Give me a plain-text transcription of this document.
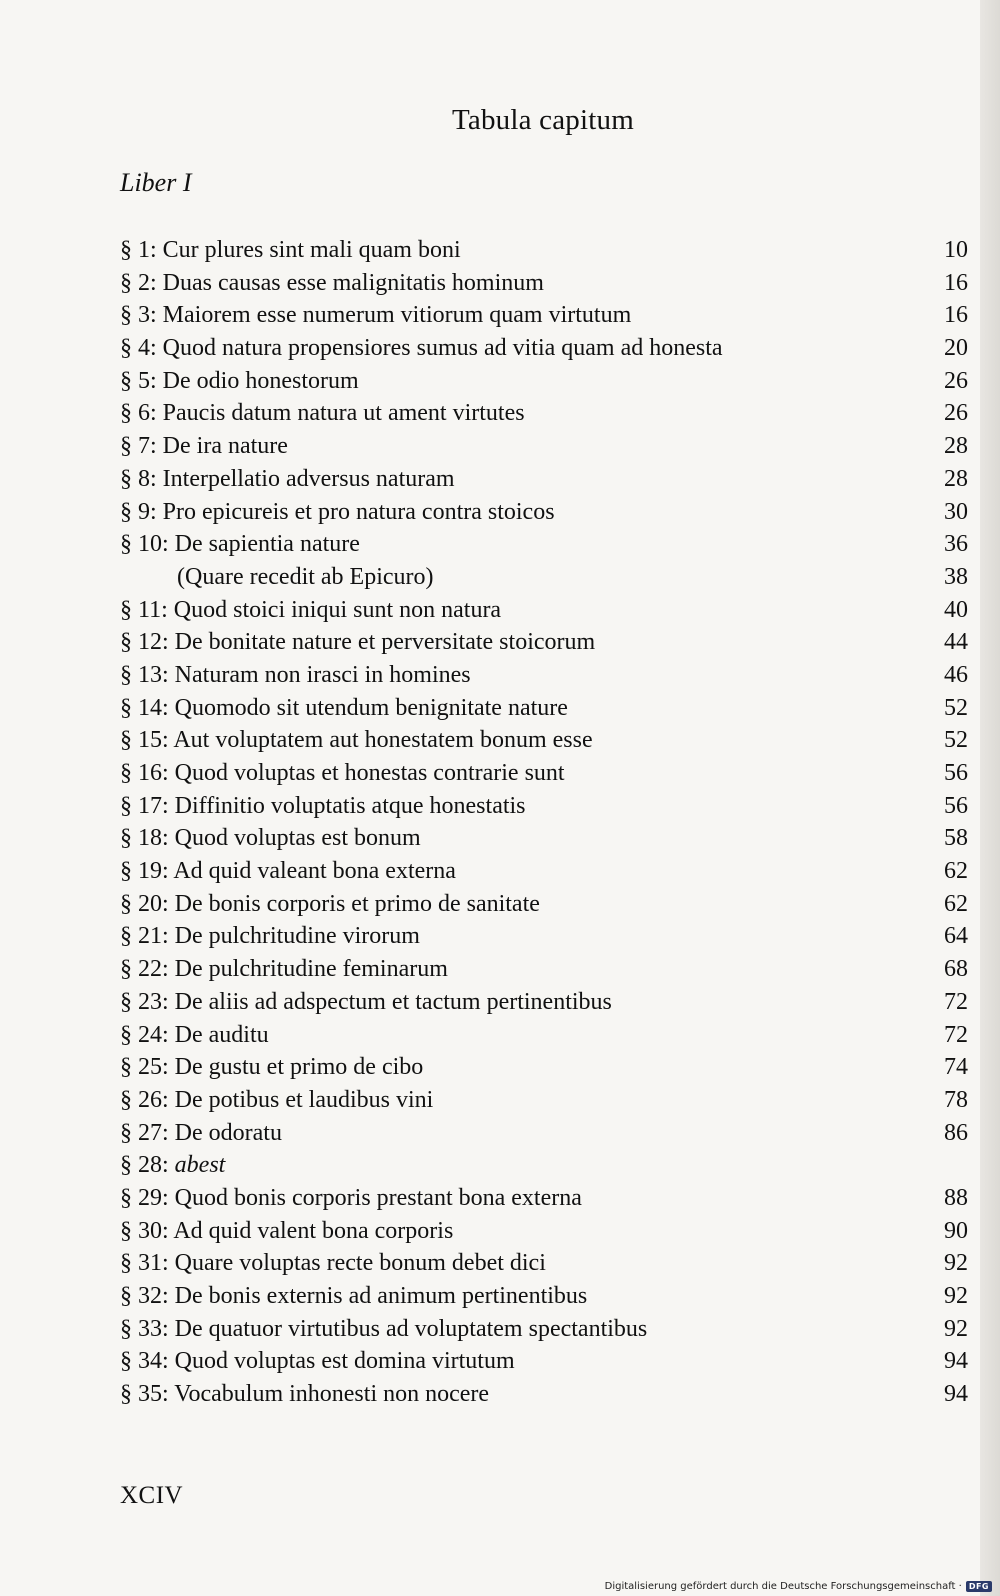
Tabula capitum
Liber I
§ 1: Cur plures sint mali quam boni	10
§ 2: Duas causas esse malignitatis hominum	16
§ 3: Maiorem esse numerum vitiorum quam virtutum	16
§ 4: Quod natura propensiores sumus ad vitia quam ad honesta	20
§ 5: De odio honestorum	26
§ 6: Paucis datum natura ut ament virtutes	26
§ 7: De ira nature	28
§ 8: Interpellatio adversus naturam	28
§ 9: Pro epicureis et pro natura contra stoicos	30
§ 10: De sapientia nature	36
(Quare recedit ab Epicuro)	38
§ 11: Quod stoici iniqui sunt non natura	40
§ 12: De bonitate nature et perversitate stoicorum	44
§ 13: Naturam non irasci in homines	46
§ 14: Quomodo sit utendum benignitate nature	52
§ 15: Aut voluptatem aut honestatem bonum esse	52
§ 16: Quod voluptas et honestas contrarie sunt	56
§ 17: Diffinitio voluptatis atque honestatis	56
§ 18: Quod voluptas est bonum	58
§ 19: Ad quid valeant bona externa	62
§ 20: De bonis corporis et primo de sanitate	62
§ 21: De pulchritudine virorum	64
§ 22: De pulchritudine feminarum	68
§ 23: De aliis ad adspectum et tactum pertinentibus	72
§ 24: De auditu	72
§ 25: De gustu et primo de cibo	74
§ 26: De potibus et laudibus vini	78
§ 27: De odoratu	86
§ 28: abest
§ 29: Quod bonis corporis prestant bona externa	88
§ 30: Ad quid valent bona corporis	90
§ 31: Quare voluptas recte bonum debet dici	92
§ 32: De bonis externis ad animum pertinentibus	92
§ 33: De quatuor virtutibus ad voluptatem spectantibus	92
§ 34: Quod voluptas est domina virtutum	94
§ 35: Vocabulum inhonesti non nocere	94
XCIV
Digitalisierung gefördert durch die Deutsche Forschungsgemeinschaft · DFG
